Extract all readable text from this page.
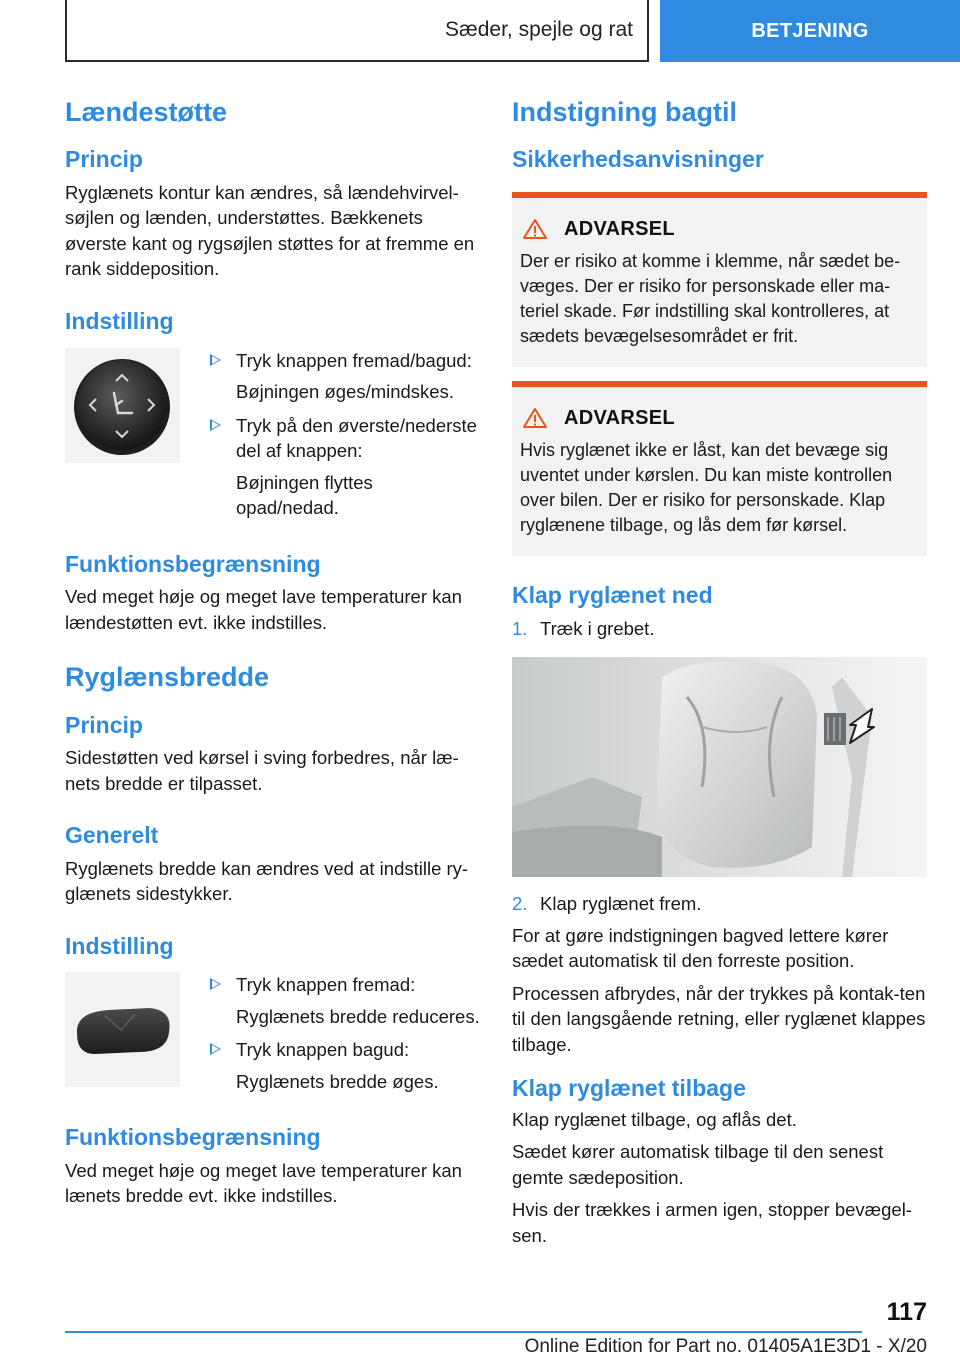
Sæder, spejle og rat	BETJENING
Lændestøtte
Princip

Ryglænets kontur kan ændres, så lændehvirvel-søjlen og lænden, understøttes. Bækkenets øverste kant og rygsøjlen støttes for at fremme en rank siddeposition.

Indstilling

Tryk knappen fremad/bagud:

Bøjningen øges/mindskes.

Tryk på den øverste/nederste del af knappen:

Bøjningen flyttes opad/nedad.

Funktionsbegrænsning

Ved meget høje og meget lave temperaturer kan lændestøtten evt. ikke indstilles.

Ryglænsbredde
Princip

Sidestøtten ved kørsel i sving forbedres, når læ-nets bredde er tilpasset.

Generelt

Ryglænets bredde kan ændres ved at indstille ry-glænets sidestykker.

Indstilling

Tryk knappen fremad:

Ryglænets bredde reduceres.

Tryk knappen bagud:

Ryglænets bredde øges.

Funktionsbegrænsning

Ved meget høje og meget lave temperaturer kan lænets bredde evt. ikke indstilles.

Indstigning bagtil
Sikkerhedsanvisninger
ADVARSEL

Der er risiko at komme i klemme, når sædet be-væges. Der er risiko for personskade eller ma-teriel skade. Før indstilling skal kontrolleres, at sædets bevægelsesområdet er frit.

ADVARSEL

Hvis ryglænet ikke er låst, kan det bevæge sig uventet under kørslen. Du kan miste kontrollen over bilen. Der er risiko for personskade. Klap ryglænene tilbage, og lås dem før kørsel.

Klap ryglænet ned
1. Træk i grebet.
2. Klap ryglænet frem.

For at gøre indstigningen bagved lettere kører sædet automatisk til den forreste position.

Processen afbrydes, når der trykkes på kontak-ten til den langsgående retning, eller ryglænet klappes tilbage.

Klap ryglænet tilbage

Klap ryglænet tilbage, og aflås det.

Sædet kører automatisk tilbage til den senest gemte sædeposition.

Hvis der trækkes i armen igen, stopper bevægel-sen.

117
Online Edition for Part no. 01405A1E3D1 - X/20
